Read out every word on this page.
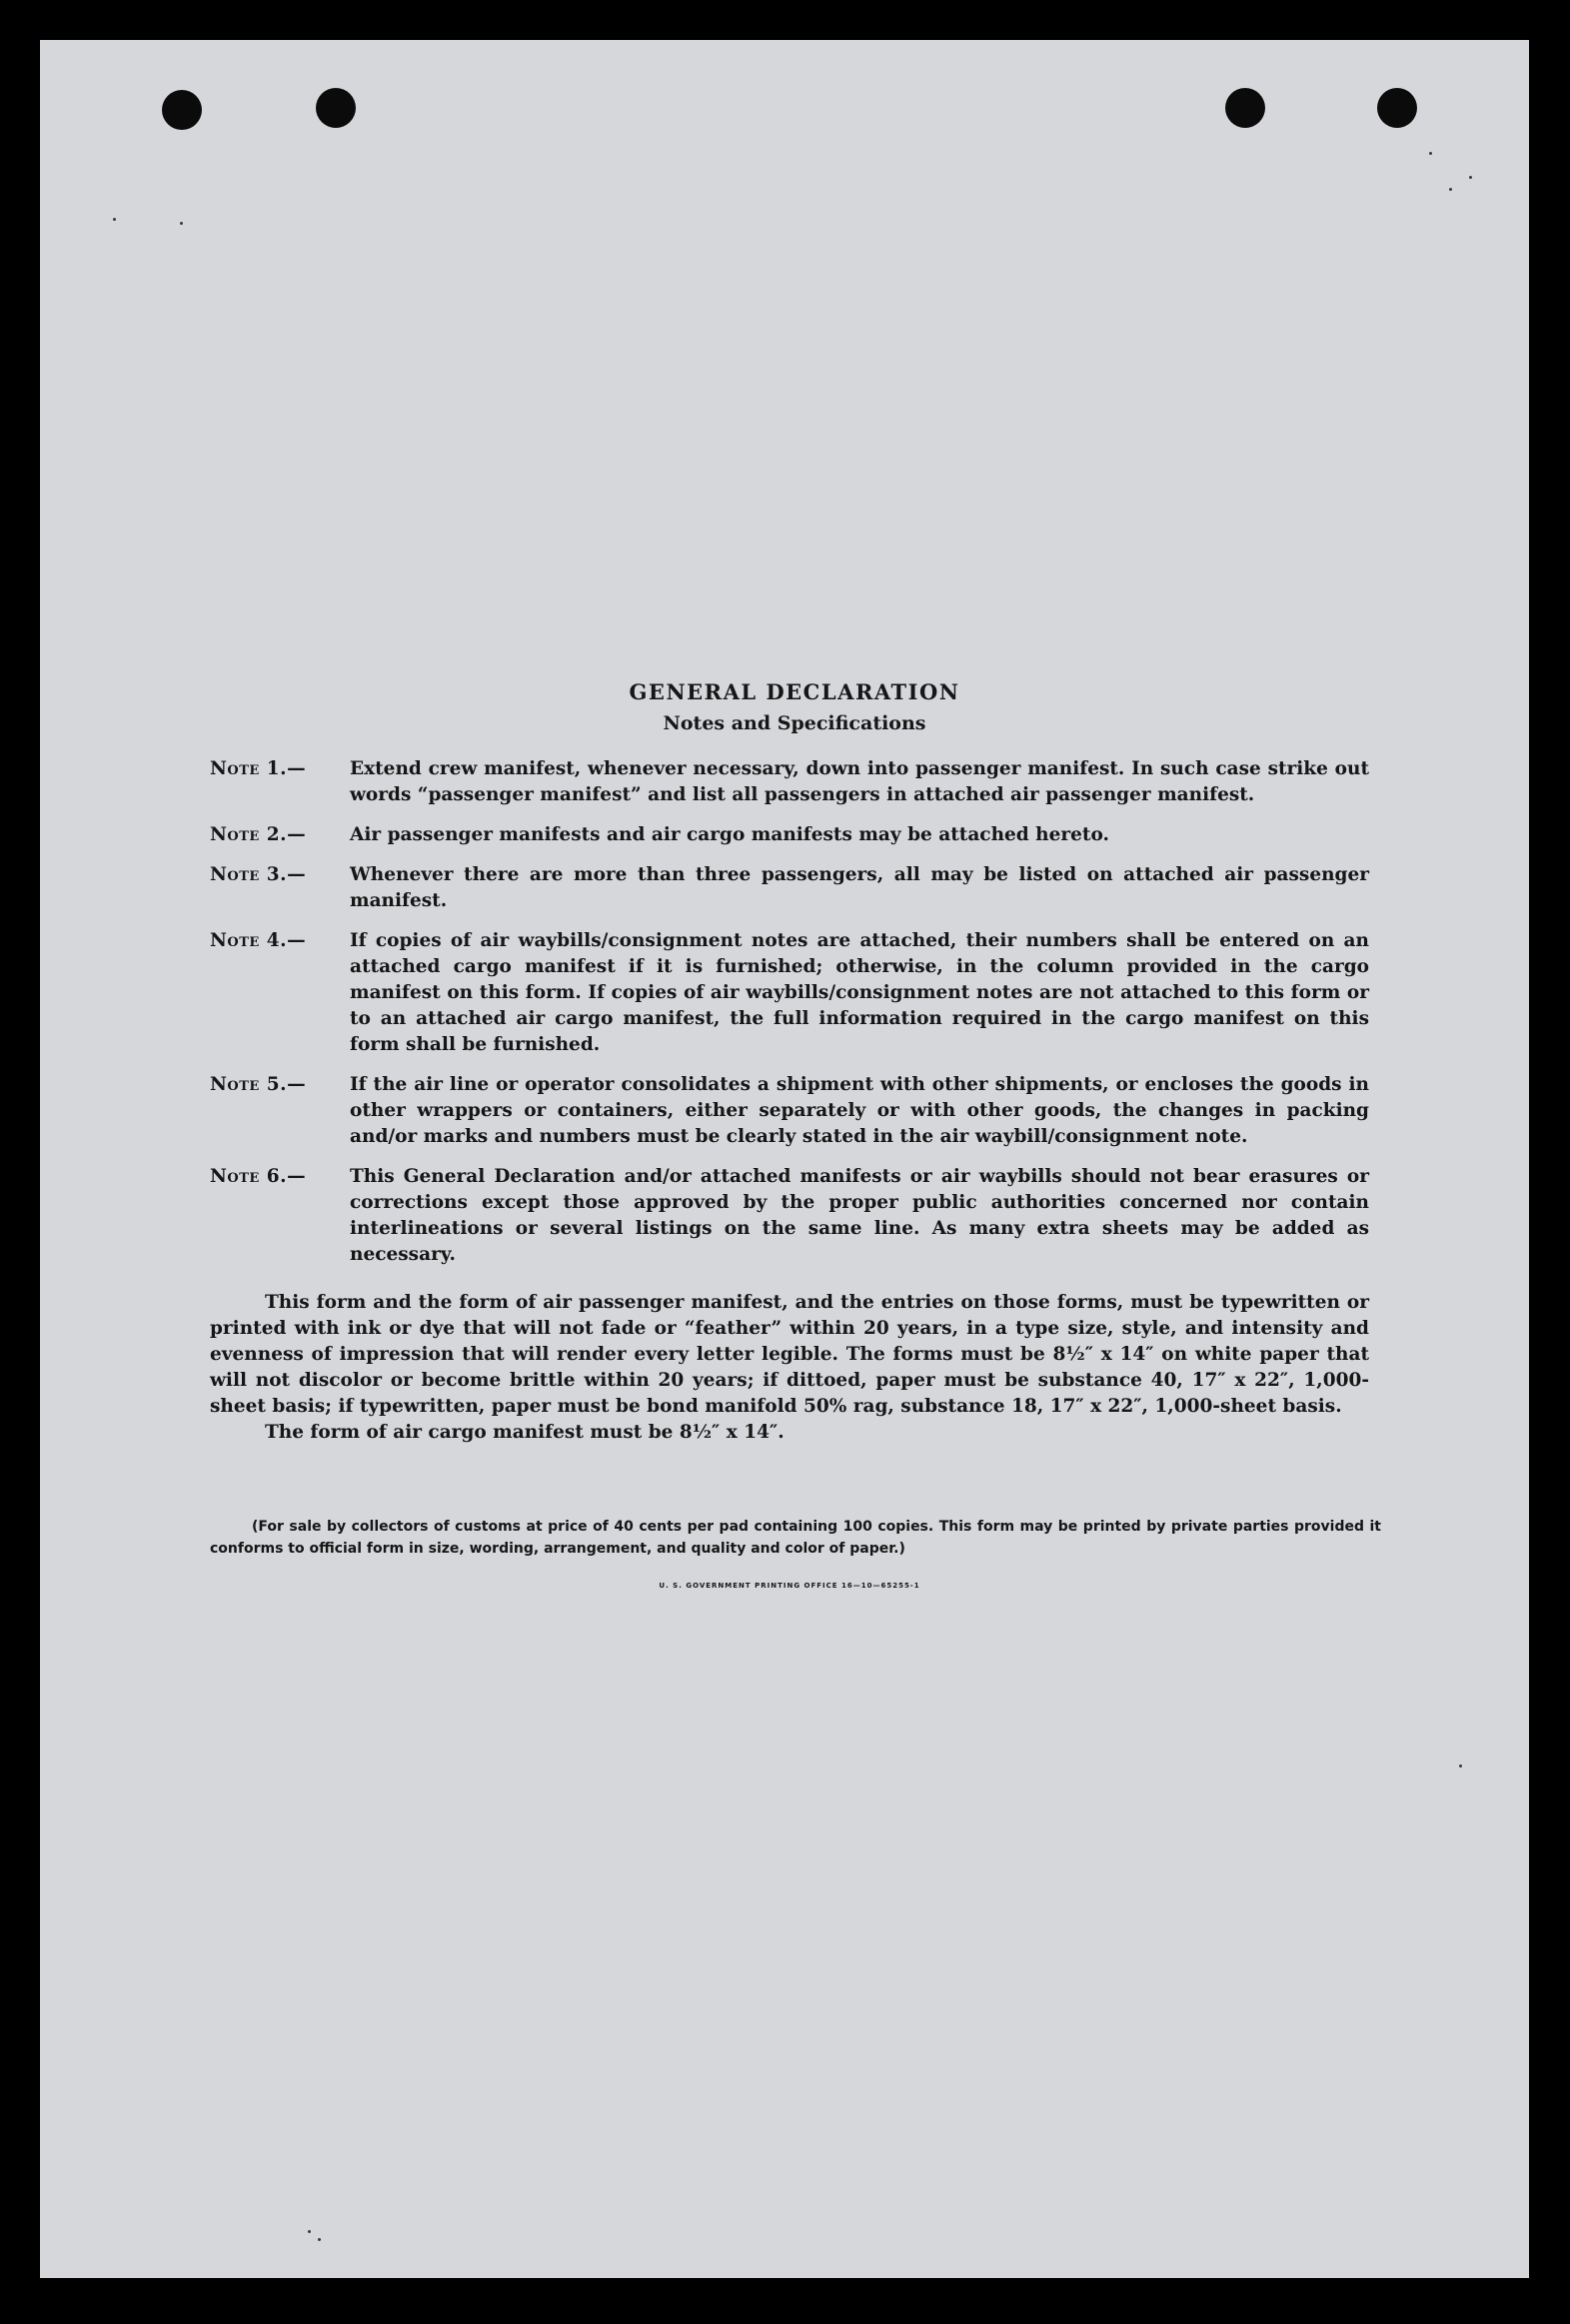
GENERAL DECLARATION
Notes and Specifications
Note 1.— Extend crew manifest, whenever necessary, down into passenger manifest. In such case strike out words “passenger manifest” and list all passengers in attached air passenger manifest.
Note 2.— Air passenger manifests and air cargo manifests may be attached hereto.
Note 3.— Whenever there are more than three passengers, all may be listed on attached air passenger manifest.
Note 4.— If copies of air waybills/consignment notes are attached, their numbers shall be entered on an attached cargo manifest if it is furnished; otherwise, in the column provided in the cargo manifest on this form. If copies of air waybills/consignment notes are not attached to this form or to an attached air cargo manifest, the full information required in the cargo manifest on this form shall be furnished.
Note 5.— If the air line or operator consolidates a shipment with other shipments, or encloses the goods in other wrappers or containers, either separately or with other goods, the changes in packing and/or marks and numbers must be clearly stated in the air waybill/consignment note.
Note 6.— This General Declaration and/or attached manifests or air waybills should not bear erasures or corrections except those approved by the proper public authorities concerned nor contain interlineations or several listings on the same line. As many extra sheets may be added as necessary.

This form and the form of air passenger manifest, and the entries on those forms, must be typewritten or printed with ink or dye that will not fade or “feather” within 20 years, in a type size, style, and intensity and evenness of impression that will render every letter legible. The forms must be 8½″ x 14″ on white paper that will not discolor or become brittle within 20 years; if dittoed, paper must be substance 40, 17″ x 22″, 1,000-sheet basis; if typewritten, paper must be bond manifold 50% rag, substance 18, 17″ x 22″, 1,000-sheet basis.

The form of air cargo manifest must be 8½″ x 14″.

(For sale by collectors of customs at price of 40 cents per pad containing 100 copies. This form may be printed by private parties provided it conforms to official form in size, wording, arrangement, and quality and color of paper.)

U. S. GOVERNMENT PRINTING OFFICE 16—10—65255-1
